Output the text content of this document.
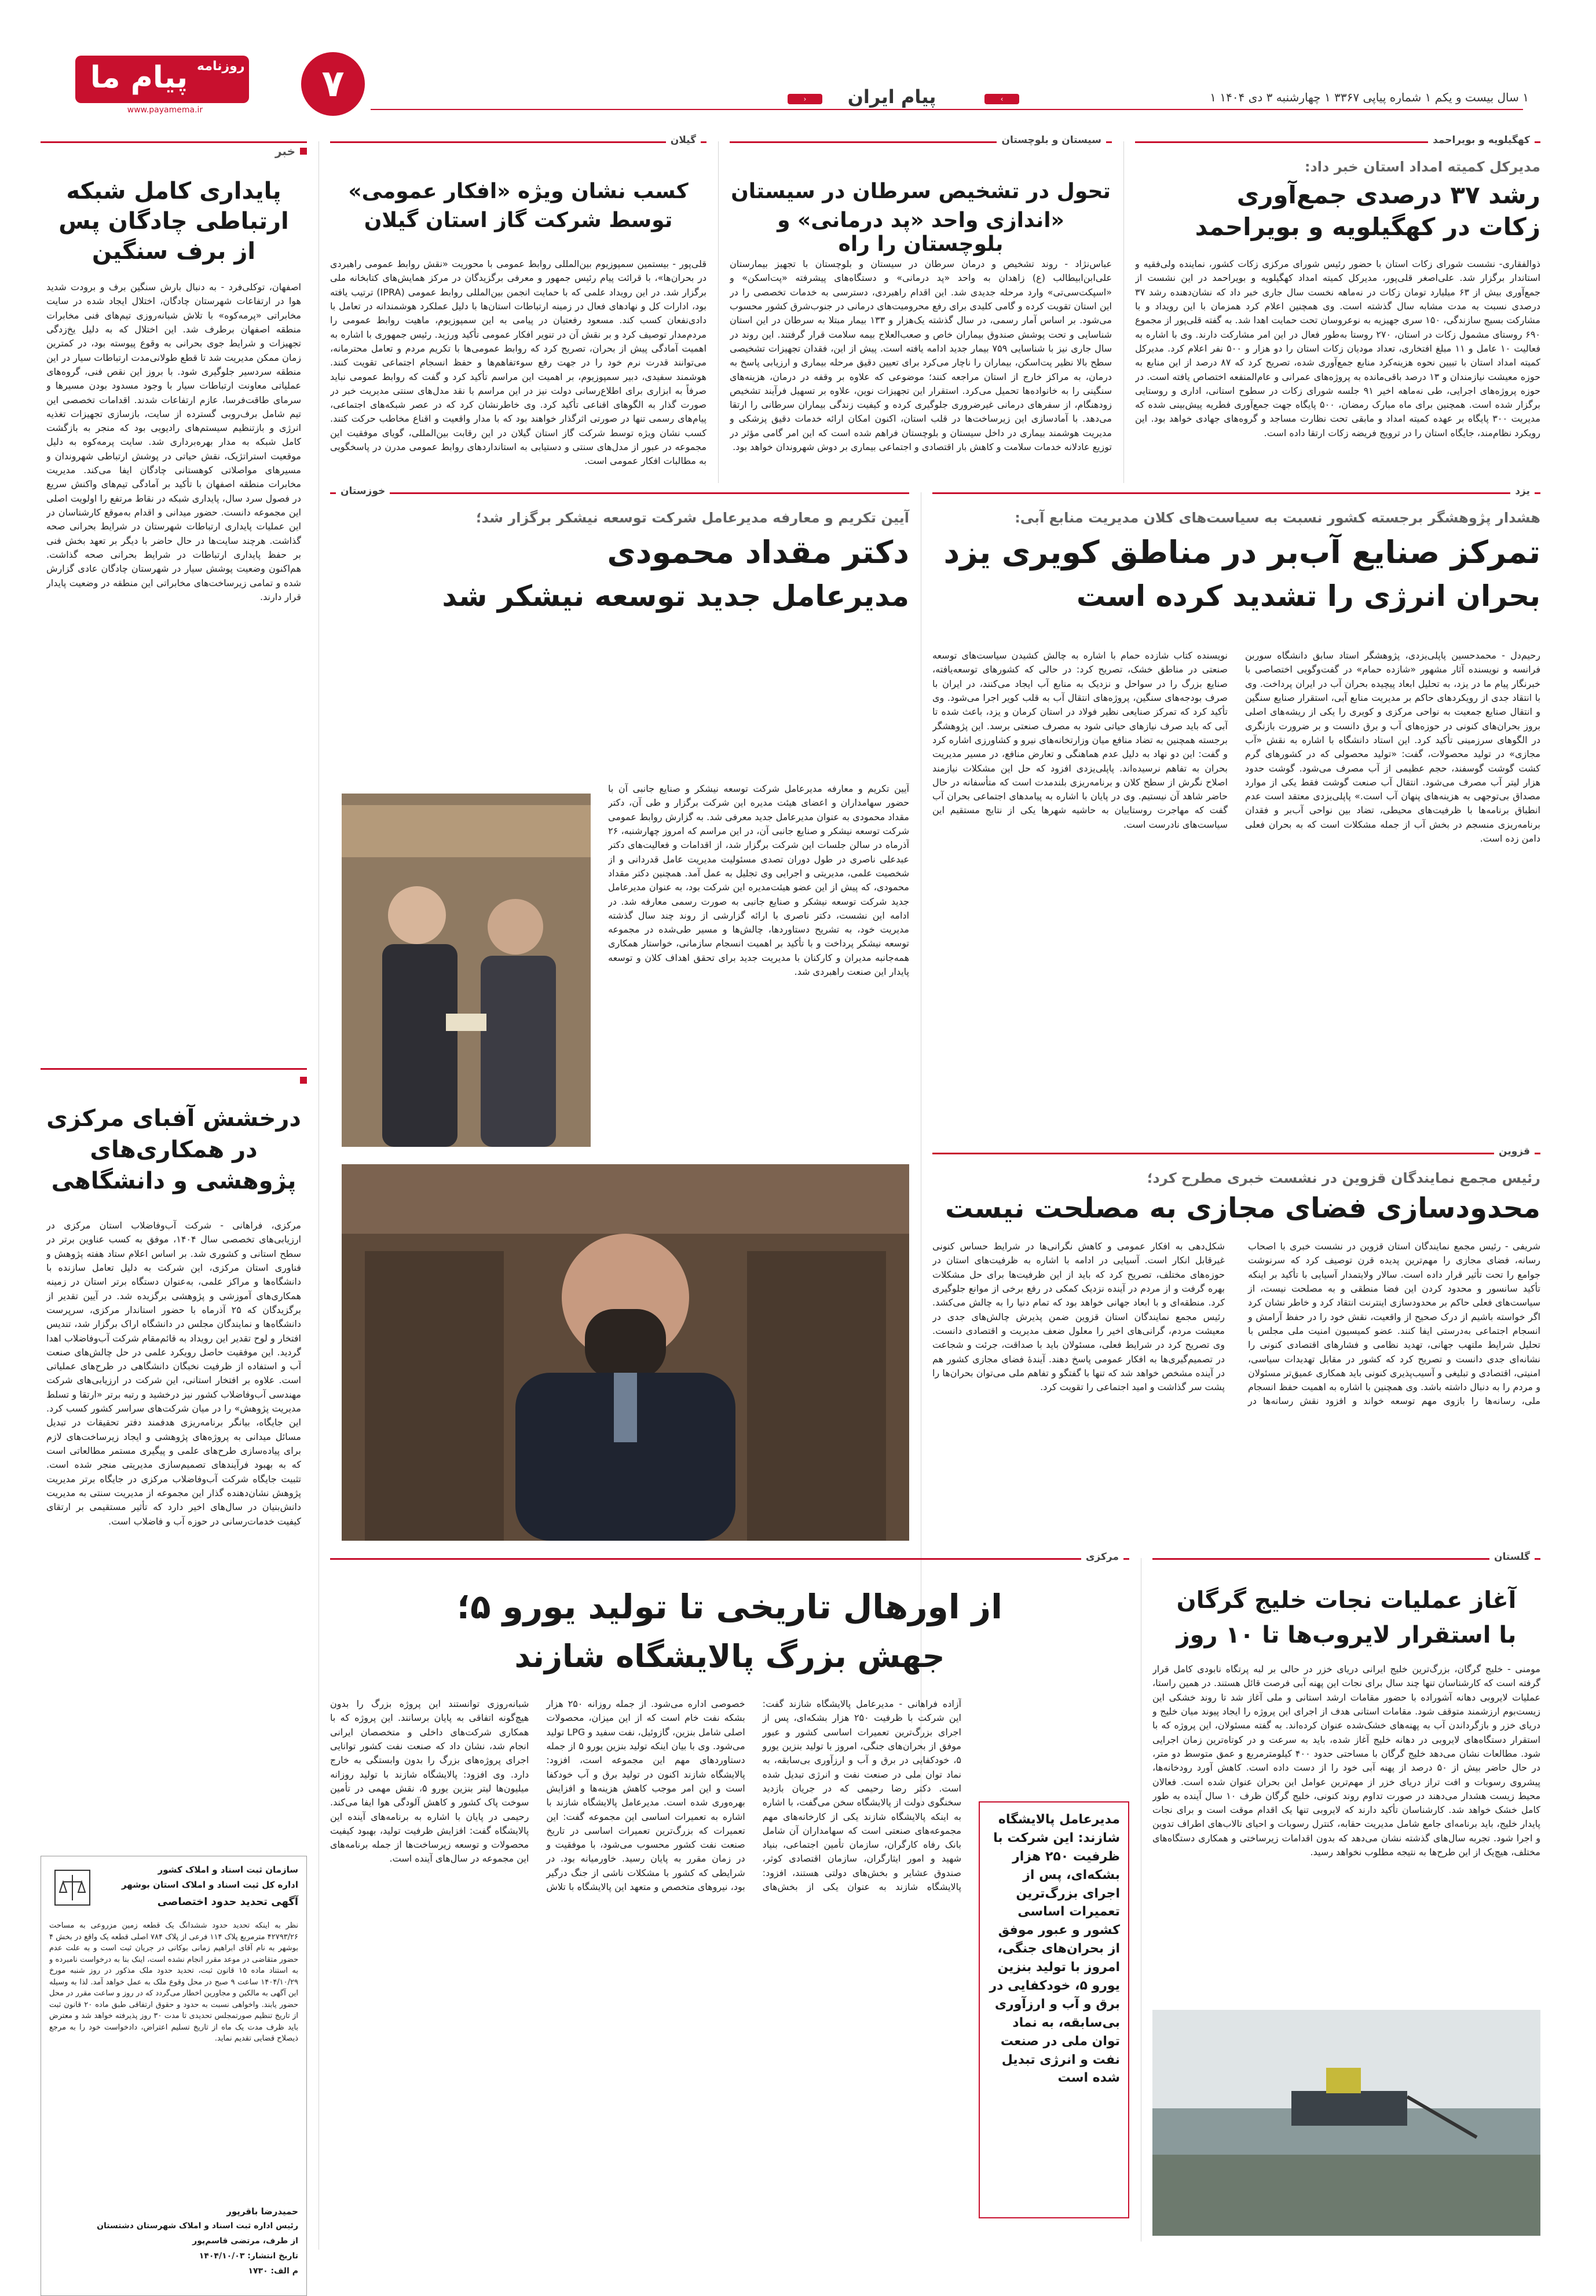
روزنامه
پیام ما
www.payamema.ir
۷	‹	پیام ایران	›	۱ سال بیست و یکم ۱ شماره پیاپی ۳۳۶۷ ۱ چهارشنبه ۳ دی ۱۴۰۴ ۱
خبر
پایداری کامل شبکه ارتباطی چادگان پس از برف سنگین
اصفهان، توکلی‌فرد - به دنبال بارش سنگین برف و برودت شدید هوا در ارتفاعات شهرستان چادگان، اختلال ایجاد شده در سایت مخابراتی «پرمه‌کوه» با تلاش شبانه‌روزی تیم‌های فنی مخابرات منطقه اصفهان برطرف شد. این اختلال که به دلیل یخ‌زدگی تجهیزات و شرایط جوی بحرانی به وقوع پیوسته بود، در کمترین زمان ممکن مدیریت شد تا قطع طولانی‌مدت ارتباطات سیار در این منطقه سردسیر جلوگیری شود. با بروز این نقص فنی، گروه‌های عملیاتی معاونت ارتباطات سیار با وجود مسدود بودن مسیرها و سرمای طاقت‌فرسا، عازم ارتفاعات شدند. اقدامات تخصصی این تیم شامل برف‌روبی گسترده از سایت، بازسازی تجهیزات تغذیه انرژی و بازتنظیم سیستم‌های رادیویی بود که منجر به بازگشت کامل شبکه به مدار بهره‌برداری شد. سایت پرمه‌کوه به دلیل موقعیت استراتژیک، نقش حیاتی در پوشش ارتباطی شهروندان و مسیرهای مواصلاتی کوهستانی چادگان ایفا می‌کند. مدیریت مخابرات منطقه اصفهان با تأکید بر آمادگی تیم‌های واکنش سریع در فصول سرد سال، پایداری شبکه در نقاط مرتفع را اولویت اصلی این مجموعه دانست. حضور میدانی و اقدام به‌موقع کارشناسان در این عملیات پایداری ارتباطات شهرستان در شرایط بحرانی صحه گذاشت. هرچند سایت‌ها در حال حاضر با دیگر بر تعهد بخش فنی بر حفظ پایداری ارتباطات در شرایط بحرانی صحه گذاشت. هم‌اکنون وضعیت پوشش سیار در شهرستان چادگان عادی گزارش شده و تمامی زیرساخت‌های مخابراتی این منطقه در وضعیت پایدار قرار دارند.
درخشش آفبای مرکزی در همکاری‌های پژوهشی و دانشگاهی
مرکزی، فراهانی - شرکت آب‌وفاضلاب استان مرکزی در ارزیابی‌های تخصصی سال ۱۴۰۴، موفق به کسب عناوین برتر در سطح استانی و کشوری شد. بر اساس اعلام ستاد هفته پژوهش و فناوری استان مرکزی، این شرکت به دلیل تعامل سازنده با دانشگاه‌ها و مراکز علمی، به‌عنوان دستگاه برتر استان در زمینه همکاری‌های آموزشی و پژوهشی برگزیده شد. در آیین تقدیر از برگزیدگان که ۲۵ آذرماه با حضور استاندار مرکزی، سرپرست دانشگاه‌ها و نمایندگان مجلس در دانشگاه اراک برگزار شد، تندیس افتخار و لوح تقدیر این رویداد به قائم‌مقام شرکت آب‌وفاضلاب اهدا گردید. این موفقیت حاصل رویکرد علمی در حل چالش‌های صنعت آب و استفاده از ظرفیت نخبگان دانشگاهی در طرح‌های عملیاتی است. علاوه بر افتخار استانی، این شرکت در ارزیابی‌های شرکت مهندسی آب‌وفاضلاب کشور نیز درخشید و رتبه برتر «ارتقا و تسلط مدیریت پژوهش» را در میان شرکت‌های سراسر کشور کسب کرد. این جایگاه، بیانگر برنامه‌ریزی هدفمند دفتر تحقیقات در تبدیل مسائل میدانی به پروژه‌های پژوهشی و ایجاد زیرساخت‌های لازم برای پیاده‌سازی طرح‌های علمی و پیگیری مستمر مطالعاتی است که به بهبود فرآیندهای تصمیم‌سازی مدیریتی منجر شده است. تثبیت جایگاه شرکت آب‌وفاضلاب مرکزی در جایگاه برتر مدیریت پژوهش نشان‌دهنده گذار این مجموعه از مدیریت سنتی به مدیریت دانش‌بنیان در سال‌های اخیر دارد که تأثیر مستقیمی بر ارتقای کیفیت خدمات‌رسانی در حوزه آب و فاضلاب است.
سازمان ثبت اسناد و املاک کشور
اداره کل ثبت اسناد و املاک استان بوشهر
آگهی تحدید حدود اختصاصی
نظر به اینکه تحدید حدود ششدانگ یک قطعه زمین مزروعی به مساحت ۴۲۷۹۳/۲۶ مترمربع پلاک ۱۱۴ فرعی از پلاک ۷۸۴ اصلی قطعه یک واقع در بخش ۴ بوشهر به نام آقای ابراهیم زمانی بوکانی در جریان ثبت است و به علت عدم حضور متقاضی در موعد مقرر انجام نشده است، اینک بنا به درخواست نامبرده و به استناد ماده ۱۵ قانون ثبت، تحدید حدود ملک مذکور در روز شنبه مورخ ۱۴۰۴/۱۰/۲۹ ساعت ۹ صبح در محل وقوع ملک به عمل خواهد آمد. لذا به وسیله این آگهی به مالکین و مجاورین اخطار می‌گردد که در روز و ساعت مقرر در محل حضور یابند. واخواهی نسبت به حدود و حقوق ارتفاقی طبق ماده ۲۰ قانون ثبت از تاریخ تنظیم صورتمجلس تحدیدی تا مدت ۳۰ روز پذیرفته خواهد شد و معترض باید ظرف مدت یک ماه از تاریخ تسلیم اعتراض، دادخواست خود را به مرجع ذیصلاح قضایی تقدیم نماید.
حمیدرضا باقرپور
رئیس اداره ثبت اسناد و املاک شهرستان دشتستان
از طرف، مرتضی قاسم‌پور
تاریخ انتشار: ۱۴۰۴/۱۰/۰۳
م الف: ۱۷۳۰
کهگیلویه و بویراحمد
مدیرکل کمیته امداد استان خبر داد:
رشد ۳۷ درصدی جمع‌آوری زکات در کهگیلویه و بویراحمد
ذوالفقاری- نشست شورای زکات استان با حضور رئیس شورای مرکزی زکات کشور، نماینده ولی‌فقیه و استاندار برگزار شد. علی‌اصغر قلی‌پور، مدیرکل کمیته امداد کهگیلویه و بویراحمد در این نشست از جمع‌آوری بیش از ۶۳ میلیارد تومان زکات در نه‌ماهه نخست سال جاری خبر داد که نشان‌دهنده رشد ۳۷ درصدی نسبت به مدت مشابه سال گذشته است. وی همچنین اعلام کرد همزمان با این رویداد و با مشارکت بسیج سازندگی، ۱۵۰ سری جهیزیه به نوعروسان تحت حمایت اهدا شد. به گفته قلی‌پور از مجموع ۶۹۰ روستای مشمول زکات در استان، ۲۷۰ روستا به‌طور فعال در این امر مشارکت دارند. وی با اشاره به فعالیت ۱۰ عامل و ۱۱ مبلغ افتخاری، تعداد مودیان زکات استان را دو هزار و ۵۰۰ نفر اعلام کرد. مدیرکل کمیته امداد استان با تبیین نحوه هزینه‌کرد منابع جمع‌آوری شده، تصریح کرد که ۸۷ درصد از این منابع به حوزه معیشت نیازمندان و ۱۳ درصد باقی‌مانده به پروژه‌های عمرانی و عام‌المنفعه اختصاص یافته است. در حوزه پروژه‌های اجرایی، طی نه‌ماهه اخیر ۹۱ جلسه شورای زکات در سطوح استانی، اداری و روستایی برگزار شده است. همچنین برای ماه مبارک رمضان، ۵۰۰ پایگاه جهت جمع‌آوری فطریه پیش‌بینی شده که مدیریت ۳۰۰ پایگاه بر عهده کمیته امداد و مابقی تحت نظارت مساجد و گروه‌های جهادی خواهد بود. این رویکرد نظام‌مند، جایگاه استان را در ترویج فریضه زکات ارتقا داده است.
سیستان و بلوچستان
تحول در تشخیص سرطان در سیستان
«اندازی واحد «پد درمانی» و بلوچستان را راه
عباس‌نژاد - روند تشخیص و درمان سرطان در سیستان و بلوچستان با تجهیز بیمارستان علی‌ابن‌ابیطالب (ع) زاهدان به واحد «پد درمانی» و دستگاه‌های پیشرفته «پت‌اسکن» و «اسپکت‌سی‌تی» وارد مرحله جدیدی شد. این اقدام راهبردی، دسترسی به خدمات تخصصی را در این استان تقویت کرده و گامی کلیدی برای رفع محرومیت‌های درمانی در جنوب‌شرق کشور محسوب می‌شود. بر اساس آمار رسمی، در سال گذشته یک‌هزار و ۱۳۳ بیمار مبتلا به سرطان در این استان شناسایی و تحت پوشش صندوق بیماران خاص و صعب‌العلاج بیمه سلامت قرار گرفتند. این روند در سال جاری نیز با شناسایی ۷۵۹ بیمار جدید ادامه یافته است. پیش از این، فقدان تجهیزات تشخیصی سطح بالا نظیر پت‌اسکن، بیماران را ناچار می‌کرد برای تعیین دقیق مرحله بیماری و ارزیابی پاسخ به درمان، به مراکز خارج از استان مراجعه کنند؛ موضوعی که علاوه بر وقفه در درمان، هزینه‌های سنگینی را به خانواده‌ها تحمیل می‌کرد. استقرار این تجهیزات نوین، علاوه بر تسهیل فرآیند تشخیص زودهنگام، از سفرهای درمانی غیرضروری جلوگیری کرده و کیفیت زندگی بیماران سرطانی را ارتقا می‌دهد. با آمادسازی این زیرساخت‌ها در قلب استان، اکنون امکان ارائه خدمات دقیق پزشکی و مدیریت هوشمند بیماری در داخل سیستان و بلوچستان فراهم شده است که این امر گامی مؤثر در توزیع عادلانه خدمات سلامت و کاهش بار اقتصادی و اجتماعی بیماری بر دوش شهروندان خواهد بود.
گیلان
کسب نشان ویژه «افکار عمومی»
توسط شرکت گاز استان گیلان
قلی‌پور - بیستمین سمپوزیوم بین‌المللی روابط عمومی با محوریت «نقش روابط عمومی راهبردی در بحران‌ها»، با قرائت پیام رئیس جمهور و معرفی برگزیدگان در مرکز همایش‌های کتابخانه ملی برگزار شد. در این رویداد علمی که با حمایت انجمن بین‌المللی روابط عمومی (IPRA) ترتیب یافته بود، ادارات کل و نهادهای فعال در زمینه ارتباطات استان‌ها با دلیل عملکرد هوشمندانه در تعامل با دادی‌نفعان کسب کند. مسعود رفعتیان در پیامی به این سمپوزیوم، ماهیت روابط عمومی را مردم‌مدار توصیف کرد و بر نقش آن در تنویر افکار عمومی تأکید ورزید. رئیس جمهوری با اشاره به اهمیت آمادگی پیش از بحران، تصریح کرد که روابط عمومی‌ها با تکریم مردم و تعامل محترمانه، می‌توانند قدرت نرم خود را در جهت رفع سوءتفاهم‌ها و حفظ انسجام اجتماعی تقویت کنند. هوشمند سفیدی، دبیر سمپوزیوم، بر اهمیت این مراسم تأکید کرد و گفت که روابط عمومی نباید صرفاً به ابزاری برای اطلاع‌رسانی دولت نیز در این مراسم با نقد مدل‌های سنتی مدیریت خبر در صورت گذار به الگوهای اقناعی تأکید کرد. وی خاطرنشان کرد که در عصر شبکه‌های اجتماعی، پیام‌های رسمی تنها در صورتی اثرگذار خواهند بود که با مدار واقعیت و اقناع مخاطب حرکت کنند. کسب نشان ویژه توسط شرکت گاز استان گیلان در این رقابت بین‌المللی، گویای موفقیت این مجموعه در عبور از مدل‌های سنتی و دستیابی به استانداردهای روابط عمومی مدرن در پاسخگویی به مطالبات افکار عمومی است.
یزد
هشدار پژوهشگر برجسته کشور نسبت به سیاست‌های کلان مدیریت منابع آبی:
تمرکز صنایع آب‌بر در مناطق کویری یزد
بحران انرژی را تشدید کرده است
رحیم‌دل - محمدحسین پاپلی‌یزدی، پژوهشگر استاد سابق دانشگاه سوربن فرانسه و نویسنده آثار مشهور «شازده حمام» در گفت‌وگویی اختصاصی با خبرنگار پیام ما در یزد، به تحلیل ابعاد پیچیده بحران آب در ایران پرداخت. وی با انتقاد جدی از رویکردهای حاکم بر مدیریت منابع آبی، استقرار صنایع سنگین و انتقال صنایع جمعیت به نواحی مرکزی و کویری را یکی از ریشه‌های اصلی بروز بحران‌های کنونی در حوزه‌های آب و برق دانست و بر ضرورت بازنگری در الگوهای سرزمینی تأکید کرد. این استاد دانشگاه با اشاره به نقش «آب مجازی» در تولید محصولات، گفت: «تولید محصولی که در کشورهای گرم کشت گوشت گوسفند، حجم عظیمی از آب مصرف می‌شود. گوشت حدود هزار لیتر آب مصرف می‌شود. انتقال آب صنعت گوشت فقط یکی از موارد مصداق بی‌توجهی به هزینه‌های پنهان آب است.» پاپلی‌یزدی معتقد است عدم انطباق برنامه‌ها با ظرفیت‌های محیطی، تضاد بین نواحی آب‌بر و فقدان برنامه‌ریزی منسجم در بخش آب از جمله مشکلات است که به بحران فعلی دامن زده است.
نویسنده کتاب شازده حمام با اشاره به چالش کشیدن سیاست‌های توسعه صنعتی در مناطق خشک، تصریح کرد: در حالی که کشورهای توسعه‌یافته، صنایع بزرگ را در سواحل و نزدیک به منابع آب ایجاد می‌کنند، در ایران با صرف بودجه‌های سنگین، پروژه‌های انتقال آب به قلب کویر اجرا می‌شود. وی تأکید کرد که تمرکز صنایعی نظیر فولاد در استان کرمان و یزد، باعث شده تا آبی که باید صرف نیازهای حیاتی شود به مصرف صنعتی برسد. این پژوهشگر برجسته همچنین به تضاد منافع میان وزارتخانه‌های نیرو و کشاورزی اشاره کرد و گفت: این دو نهاد به دلیل عدم هماهنگی و تعارض منافع، در مسیر مدیریت بحران به تفاهم نرسیده‌اند. پاپلی‌یزدی افزود که حل این مشکلات نیازمند اصلاح نگرش از سطح کلان و برنامه‌ریزی بلندمدت است که متأسفانه در حال حاضر شاهد آن نیستیم. وی در پایان با اشاره به پیامدهای اجتماعی بحران آب گفت که مهاجرت روستاییان به حاشیه شهرها یکی از نتایج مستقیم این سیاست‌های نادرست است.
خوزستان
آیین تکریم و معارفه مدیرعامل شرکت توسعه نیشکر برگزار شد؛
دکتر مقداد محمودی
مدیرعامل جدید توسعه نیشکر شد
آیین تکریم و معارفه مدیرعامل شرکت توسعه نیشکر و صنایع جانبی آن با حضور سهامداران و اعضای هیئت مدیره این شرکت برگزار و طی آن، دکتر مقداد محمودی به عنوان مدیرعامل جدید معرفی شد. به گزارش روابط عمومی شرکت توسعه نیشکر و صنایع جانبی آن، در این مراسم که امروز چهارشنبه، ۲۶ آذرماه در سالن جلسات این شرکت برگزار شد، از اقدامات و فعالیت‌های دکتر عبدعلی ناصری در طول دوران تصدی مسئولیت مدیریت عامل قدردانی و از شخصیت علمی، مدیریتی و اجرایی وی تجلیل به عمل آمد. همچنین دکتر مقداد محمودی، که پیش از این عضو هیئت‌مدیره این شرکت بود، به عنوان مدیرعامل جدید شرکت توسعه نیشکر و صنایع جانبی به صورت رسمی معارفه شد. در ادامه این نشست، دکتر ناصری با ارائه گزارشی از روند چند سال گذشته مدیریت خود، به تشریح دستاوردها، چالش‌ها و مسیر طی‌شده در مجموعه توسعه نیشکر پرداخت و با تأکید بر اهمیت انسجام سازمانی، خواستار همکاری همه‌جانبه مدیران و کارکنان با مدیریت جدید برای تحقق اهداف کلان و توسعه پایدار این صنعت راهبردی شد.
قزوین
رئیس مجمع نمایندگان قزوین در نشست خبری مطرح کرد؛
محدودسازی فضای مجازی به مصلحت نیست
شریفی - رئیس مجمع نمایندگان استان قزوین در نشست خبری با اصحاب رسانه، فضای مجازی را مهم‌ترین پدیده قرن توصیف کرد که سرنوشت جوامع را تحت تأثیر قرار داده است. سالار ولایتمدار آسیایی با تأکید بر اینکه تأکید سانسور و محدود کردن این فضا منطقی و به مصلحت نیست، از سیاست‌های فعلی حاکم بر محدودسازی اینترنت انتقاد کرد و خاطر نشان کرد اگر خواسته باشیم از درک صحیح از واقعیت، نقش خود را در حفظ آرامش و انسجام اجتماعی به‌درستی ایفا کنند. عضو کمیسیون امنیت ملی مجلس با تحلیل شرایط ملتهب جهانی، تهدید نظامی و فشارهای اقتصادی کنونی را نشانه‌ای جدی دانست و تصریح کرد که کشور در مقابل تهدیدات سیاسی، امنیتی، اقتصادی و تبلیغی و آسیب‌پذیری کنونی باید همکاری عمیق‌تر مسئولان و مردم را به دنبال داشته باشد. وی همچنین با اشاره به اهمیت حفظ انسجام ملی، رسانه‌ها را بازوی مهم توسعه خواند و افزود نقش رسانه‌ها در شکل‌دهی به افکار عمومی و کاهش نگرانی‌ها در شرایط حساس کنونی غیرقابل انکار است. آسیایی در ادامه با اشاره به ظرفیت‌های استان در حوزه‌های مختلف، تصریح کرد که باید از این ظرفیت‌ها برای حل مشکلات بهره گرفت و از مردم در آینده نزدیک کمکی در رفع برخی از موانع جلوگیری کرد. منطقه‌ای و با ابعاد جهانی خواهد بود که تمام دنیا را به چالش می‌کشد. رئیس مجمع نمایندگان استان قزوین ضمن پذیرش چالش‌های جدی در معیشت مردم، گرانی‌های اخیر را معلول ضعف مدیریت و اقتصادی دانست. وی تصریح کرد در شرایط فعلی، مسئولان باید با صداقت، جرئت و شجاعت در تصمیم‌گیری‌ها به افکار عمومی پاسخ دهند. آیندۀ فضای مجازی کشور هم در آینده مشخص خواهد شد که تنها با گفتگو و تفاهم ملی می‌توان بحران‌ها را پشت سر گذاشت و امید اجتماعی را تقویت کرد.
گلستان
آغاز عملیات نجات خلیج گرگان
با استقرار لایروب‌ها تا ۱۰ روز
مومنی - خلیج گرگان، بزرگ‌ترین خلیج ایرانی دریای خزر در حالی بر لبه پرتگاه نابودی کامل قرار گرفته است که کارشناسان تنها چند سال برای نجات این پهنه آبی فرصت قائل هستند. در همین راستا، عملیات لایروبی دهانه آشوراده با حضور مقامات ارشد استانی و ملی آغاز شد تا روند خشکی این زیست‌بوم ارزشمند متوقف شود. مقامات استانی هدف از اجرای این پروژه را ایجاد پیوند میان خلیج و دریای خزر و بازگرداندن آب به پهنه‌های خشک‌شده عنوان کرده‌اند. به گفته مسئولان، این پروژه که با استقرار دستگاه‌های لایروبی در دهانه خلیج آغاز شده، باید به سرعت و در کوتاه‌ترین زمان اجرایی شود. مطالعات نشان می‌دهد خلیج گرگان با مساحتی حدود ۴۰۰ کیلومترمربع و عمق متوسط دو متر، در حال حاضر بیش از ۵۰ درصد از پهنه آبی خود را از دست داده است. کاهش آورد رودخانه‌ها، پیشروی رسوبات و افت تراز دریای خزر از مهم‌ترین عوامل این بحران عنوان شده است. فعالان محیط زیست هشدار می‌دهند در صورت تداوم روند کنونی، خلیج گرگان ظرف ۱۰ سال آینده به طور کامل خشک خواهد شد. کارشناسان تأکید دارند که لایروبی تنها یک اقدام موقت است و برای نجات پایدار خلیج، باید برنامه‌ای جامع شامل مدیریت حقابه، کنترل رسوبات و احیای تالاب‌های اطراف تدوین و اجرا شود. تجربه سال‌های گذشته نشان می‌دهد که بدون اقدامات زیرساختی و همکاری دستگاه‌های مختلف، هیچ‌یک از این طرح‌ها به نتیجه مطلوب نخواهد رسید.
مرکزی
از اورهال تاریخی تا تولید یورو ۵؛
جهش بزرگ پالایشگاه شازند
مدیرعامل پالایشگاه شازند: این شرکت با ظرفیت ۲۵۰ هزار بشکه‌ای، پس از اجرای بزرگ‌ترین تعمیرات اساسی کشور و عبور موفق از بحران‌های جنگی، امروز با تولید بنزین یورو ۵، خودکفایی در برق و آب و ارزآوری بی‌سابقه، به نماد توان ملی در صنعت نفت و انرژی تبدیل شده است
آزاده فراهانی - مدیرعامل پالایشگاه شازند گفت: این شرکت با ظرفیت ۲۵۰ هزار بشکه‌ای، پس از اجرای بزرگ‌ترین تعمیرات اساسی کشور و عبور موفق از بحران‌های جنگی، امروز با تولید بنزین یورو ۵، خودکفایی در برق و آب و ارزآوری بی‌سابقه، به نماد توان ملی در صنعت نفت و انرژی تبدیل شده است. دکتر رضا رحیمی که در جریان بازدید سخنگوی دولت از پالایشگاه سخن می‌گفت، با اشاره به اینکه پالایشگاه شازند یکی از کارخانه‌های مهم مجموعه‌های صنعتی است که سهامداران آن شامل بانک رفاه کارگران، سازمان تأمین اجتماعی، بنیاد شهید و امور ایثارگران، سازمان اقتصادی کوثر، صندوق عشایر و بخش‌های دولتی هستند، افزود: پالایشگاه شازند به عنوان یکی از بخش‌های خصوصی اداره می‌شود. از جمله روزانه ۲۵۰ هزار بشکه نفت خام است که از این میزان، محصولات اصلی شامل بنزین، گازوئیل، نفت سفید و LPG تولید می‌شود. وی با بیان اینکه تولید بنزین یورو ۵ از جمله دستاوردهای مهم این مجموعه است، افزود: پالایشگاه شازند اکنون در تولید برق و آب خودکفا است و این امر موجب کاهش هزینه‌ها و افزایش بهره‌وری شده است. مدیرعامل پالایشگاه شازند با اشاره به تعمیرات اساسی این مجموعه گفت: این تعمیرات که بزرگ‌ترین تعمیرات اساسی در تاریخ صنعت نفت کشور محسوب می‌شود، با موفقیت و در زمان مقرر به پایان رسید. خاورمیانه بود. در شرایطی که کشور با مشکلات ناشی از جنگ درگیر بود، نیروهای متخصص و متعهد این پالایشگاه با تلاش شبانه‌روزی توانستند این پروژه بزرگ را بدون هیچ‌گونه اتفاقی به پایان برسانند. این پروژه که با همکاری شرکت‌های داخلی و متخصصان ایرانی انجام شد، نشان داد که صنعت نفت کشور توانایی اجرای پروژه‌های بزرگ را بدون وابستگی به خارج دارد. وی افزود: پالایشگاه شازند با تولید روزانه میلیون‌ها لیتر بنزین یورو ۵، نقش مهمی در تأمین سوخت پاک کشور و کاهش آلودگی هوا ایفا می‌کند. رحیمی در پایان با اشاره به برنامه‌های آینده این پالایشگاه گفت: افزایش ظرفیت تولید، بهبود کیفیت محصولات و توسعه زیرساخت‌ها از جمله برنامه‌های این مجموعه در سال‌های آینده است.
